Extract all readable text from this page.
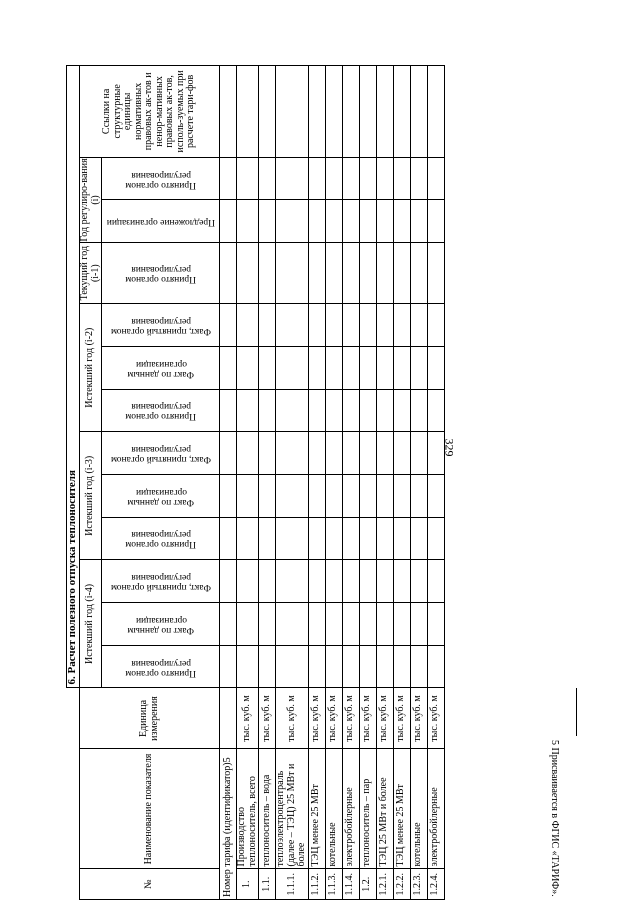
329
			6. Расчет полезного отпуска теплоносителя												
№	Наименование показателя	Единица измерения	Истекший год (i-4)			Истекший год (i-3)			Истекший год (i-2)			Текущий год (i-1)	Год регулиро-вания (i)		Ссылки на структурные единицы нормативных правовых ак-тов и ненор-мативных правовых ак-тов, исполь-зуемых при расчете тари-фов

			Принято органом регулирования	Факт по данным организации	Факт, принятый органом регулирования	Принято органом регулирования	Факт по данным организации	Факт, принятый органом регулирования	Принято органом регулирования	Факт по данным организации	Факт, принятый органом регулирования	Принято органом регулирования	Предложение организации	Принято органом регулирования	

Номер тарифа (идентификатор)5															
1.	Производство теплоноситель, всего	тыс. куб. м													
1.1.	теплоноситель – вода	тыс. куб. м													
1.1.1.	теплоэлектроцентраль (далее – ТЭЦ) 25 МВт и более	тыс. куб. м													
1.1.2.	ТЭЦ менее 25 МВт	тыс. куб. м													
1.1.3.	котельные	тыс. куб. м													
1.1.4.	электробойлерные	тыс. куб. м													
1.2.	теплоноситель – пар	тыс. куб. м													
1.2.1.	ТЭЦ 25 МВт и более	тыс. куб. м													
1.2.2.	ТЭЦ менее 25 МВт	тыс. куб. м													
1.2.3.	котельные	тыс. куб. м													
1.2.4.	электробойлерные	тыс. куб. м													
5 Присваивается в ФГИС «ТАРИФ».
